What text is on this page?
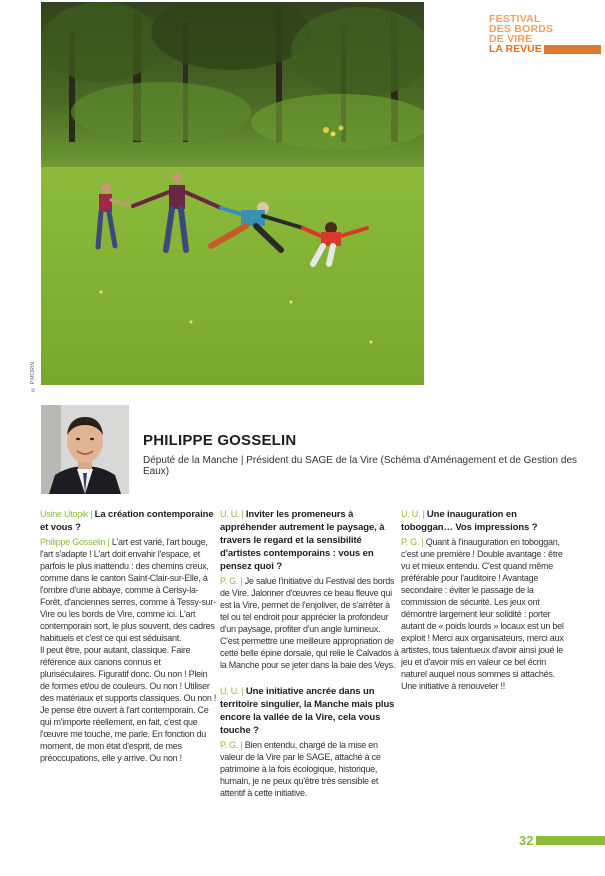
© P.MORIN
FESTIVAL
DES BORDS
DE VIRE
LA REVUE
PHILIPPE GOSSELIN
Député de la Manche | Président du SAGE de la Vire (Schéma d'Aménagement et de Gestion des Eaux)
Usine Utopik | La création contemporaine et vous ?
Philippe Gosselin | L'art est varié, l'art bouge, l'art s'adapte ! L'art doit envahir l'espace, et parfois le plus inattendu : des chemins creux, comme dans le canton Saint-Clair-sur-Elle, à l'ombre d'une abbaye, comme à Cerisy-la-Forêt, d'anciennes serres, comme à Tessy-sur-Vire ou les bords de Vire, comme ici. L'art contemporain sort, le plus souvent, des cadres habituels et c'est ce qui est séduisant.
Il peut être, pour autant, classique. Faire référence aux canons connus et pluriséculaires. Figuratif donc. Ou non ! Plein de formes et/ou de couleurs. Ou non ! Utiliser des matériaux et supports classiques. Ou non ! Je pense être ouvert à l'art contemporain. Ce qui m'importe réellement, en fait, c'est que l'œuvre me touche, me parle. En fonction du moment, de mon état d'esprit, de mes préoccupations, elle y arrive. Ou non !
U. U. | Inviter les promeneurs à appréhender autrement le paysage, à travers le regard et la sensibilité d'artistes contemporains : vous en pensez quoi ?
P. G. | Je salue l'initiative du Festival des bords de Vire. Jalonner d'œuvres ce beau fleuve qui est la Vire, permet de l'enjoliver, de s'arrêter à tel ou tel endroit pour apprécier la profondeur d'un paysage, profiter d'un angle lumineux. C'est permettre une meilleure appropriation de cette belle épine dorsale, qui relie le Calvados à la Manche pour se jeter dans la baie des Veys.
U. U. | Une initiative ancrée dans un territoire singulier, la Manche mais plus encore la vallée de la Vire, cela vous touche ?
P. G. | Bien entendu, chargé de la mise en valeur de la Vire par le SAGE, attaché à ce patrimoine à la fois écologique, historique, humain, je ne peux qu'être très sensible et attentif à cette initiative.
U. U. | Une inauguration en toboggan… Vos impressions ?
P. G. | Quant à l'inauguration en toboggan, c'est une première ! Double avantage : être vu et mieux entendu. C'est quand même préférable pour l'auditoire ! Avantage secondaire : éviter le passage de la commission de sécurité. Les jeux ont démontré largement leur solidité : porter autant de « poids lourds » locaux est un bel exploit ! Merci aux organisateurs, merci aux artistes, tous talentueux d'avoir ainsi joué le jeu et d'avoir mis en valeur ce bel écrin naturel auquel nous sommes si attachés. Une initiative à renouveler !!
32
